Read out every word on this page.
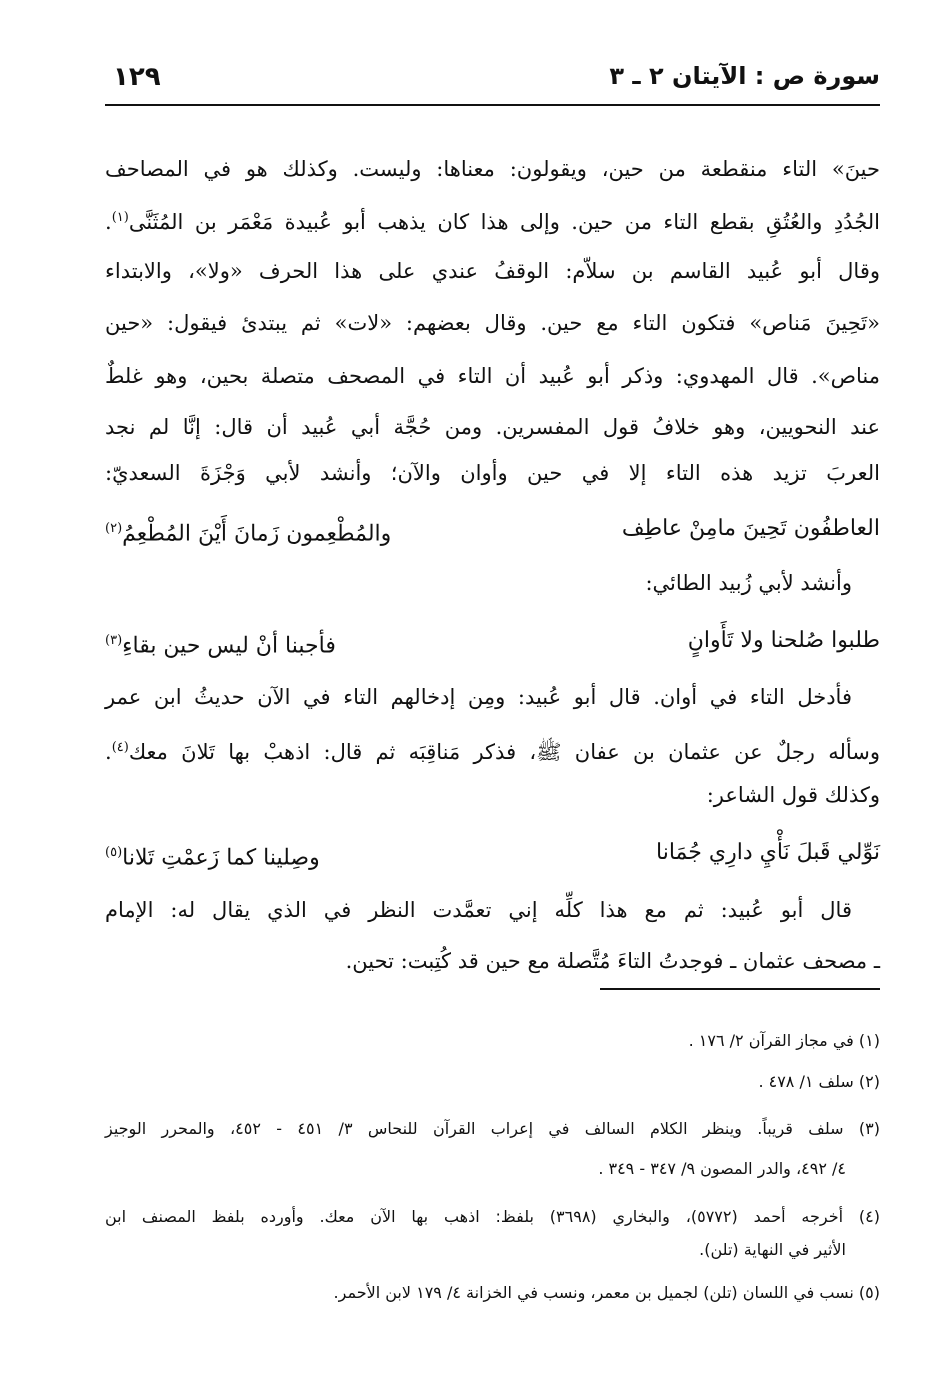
سورة ص : الآيتان ٢ ـ ٣
١٢٩
حينَ» التاء منقطعة من حين، ويقولون: معناها: وليست. وكذلك هو في المصاحف
الجُدُدِ والعُتُقِ بقطع التاء من حين. وإلى هذا كان يذهب أبو عُبيدة مَعْمَر بن المُثَنَّى$^{(١)}$.
وقال أبو عُبيد القاسم بن سلاّم: الوقفُ عندي على هذا الحرف «ولا»، والابتداء
«تَحِينَ مَناص» فتكون التاء مع حين. وقال بعضهم: «لات» ثم يبتدئ فيقول: «حين
مناص». قال المهدوي: وذكر أبو عُبيد أن التاء في المصحف متصلة بحين، وهو غلطٌ
عند النحويين، وهو خلافُ قول المفسرين. ومن حُجَّة أبي عُبيد أن قال: إنَّا لم نجد
العربَ تزيد هذه التاء إلا في حين وأوان والآن؛ وأنشد لأبي وَجْزَةَ السعديّ:
العاطفُون تَحِينَ مامِنْ عاطِف
والمُطْعِمون زَمانَ أَيْنَ المُطْعِمُ$^{(٢)}$
وأنشد لأبي زُبيد الطائي:
طلبوا صُلحنا ولا تَأَوانٍ
فأجبنا أنْ ليس حين بقاءِ$^{(٣)}$
فأدخل التاء في أوان. قال أبو عُبيد: ومِن إدخالهم التاء في الآن حديثُ ابن عمر
وسأله رجلٌ عن عثمان بن عفان ﷺ، فذكر مَناقِبَه ثم قال: اذهبْ بها تَلانَ معك$^{(٤)}$.
وكذلك قول الشاعر:
نَوِّلي قَبلَ نَأْيِ دارِي جُمَانا
وصِلينا كما زَعمْتِ تَلانا$^{(٥)}$
قال أبو عُبيد: ثم مع هذا كلِّه إني تعمَّدت النظر في الذي يقال له: الإمام
ـ مصحف عثمان ـ فوجدتُ التاءَ مُتَّصلة مع حين قد كُتِبت: تحين.
(١) في مجاز القرآن ٢/ ١٧٦ .
(٢) سلف ١/ ٤٧٨ .
(٣) سلف قريباً. وينظر الكلام السالف في إعراب القرآن للنحاس ٣/ ٤٥١ - ٤٥٢، والمحرر الوجيز
٤/ ٤٩٢، والدر المصون ٩/ ٣٤٧ - ٣٤٩ .
(٤) أخرجه أحمد (٥٧٧٢)، والبخاري (٣٦٩٨) بلفظ: اذهب بها الآن معك. وأورده بلفظ المصنف ابن
الأثير في النهاية (تلن).
(٥) نسب في اللسان (تلن) لجميل بن معمر، ونسب في الخزانة ٤/ ١٧٩ لابن الأحمر.
